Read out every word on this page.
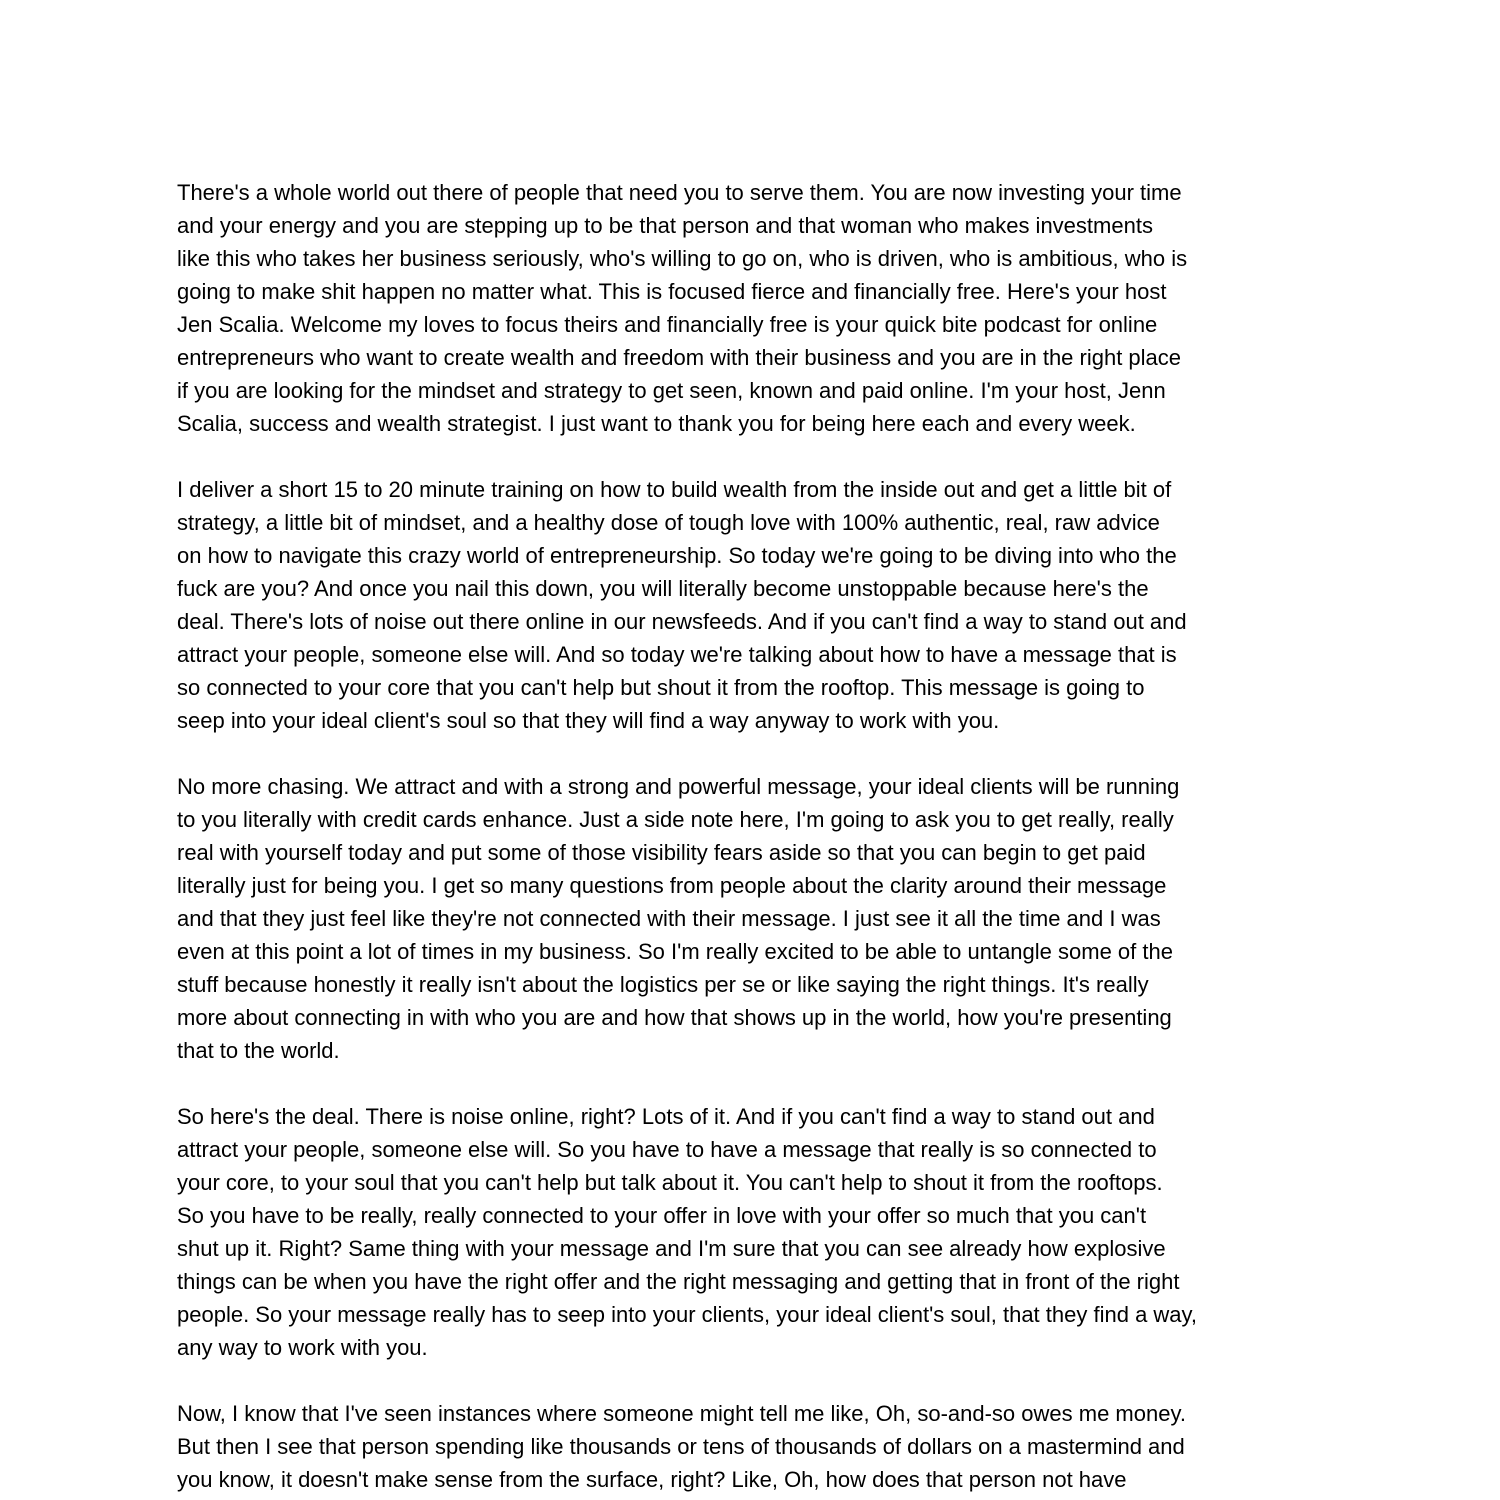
There's a whole world out there of people that need you to serve them. You are now investing your time
and your energy and you are stepping up to be that person and that woman who makes investments
like this who takes her business seriously, who's willing to go on, who is driven, who is ambitious, who is
going to make shit happen no matter what. This is focused fierce and financially free. Here's your host
Jen Scalia. Welcome my loves to focus theirs and financially free is your quick bite podcast for online
entrepreneurs who want to create wealth and freedom with their business and you are in the right place
if you are looking for the mindset and strategy to get seen, known and paid online. I'm your host, Jenn
Scalia, success and wealth strategist. I just want to thank you for being here each and every week.

I deliver a short 15 to 20 minute training on how to build wealth from the inside out and get a little bit of
strategy, a little bit of mindset, and a healthy dose of tough love with 100% authentic, real, raw advice
on how to navigate this crazy world of entrepreneurship. So today we're going to be diving into who the
fuck are you? And once you nail this down, you will literally become unstoppable because here's the
deal. There's lots of noise out there online in our newsfeeds. And if you can't find a way to stand out and
attract your people, someone else will. And so today we're talking about how to have a message that is
so connected to your core that you can't help but shout it from the rooftop. This message is going to
seep into your ideal client's soul so that they will find a way anyway to work with you.

No more chasing. We attract and with a strong and powerful message, your ideal clients will be running
to you literally with credit cards enhance. Just a side note here, I'm going to ask you to get really, really
real with yourself today and put some of those visibility fears aside so that you can begin to get paid
literally just for being you. I get so many questions from people about the clarity around their message
and that they just feel like they're not connected with their message. I just see it all the time and I was
even at this point a lot of times in my business. So I'm really excited to be able to untangle some of the
stuff because honestly it really isn't about the logistics per se or like saying the right things. It's really
more about connecting in with who you are and how that shows up in the world, how you're presenting
that to the world.

So here's the deal. There is noise online, right? Lots of it. And if you can't find a way to stand out and
attract your people, someone else will. So you have to have a message that really is so connected to
your core, to your soul that you can't help but talk about it. You can't help to shout it from the rooftops.
So you have to be really, really connected to your offer in love with your offer so much that you can't
shut up it. Right? Same thing with your message and I'm sure that you can see already how explosive
things can be when you have the right offer and the right messaging and getting that in front of the right
people. So your message really has to seep into your clients, your ideal client's soul, that they find a way,
any way to work with you.

Now, I know that I've seen instances where someone might tell me like, Oh, so-and-so owes me money.
But then I see that person spending like thousands or tens of thousands of dollars on a mastermind and
you know, it doesn't make sense from the surface, right? Like, Oh, how does that person not have
